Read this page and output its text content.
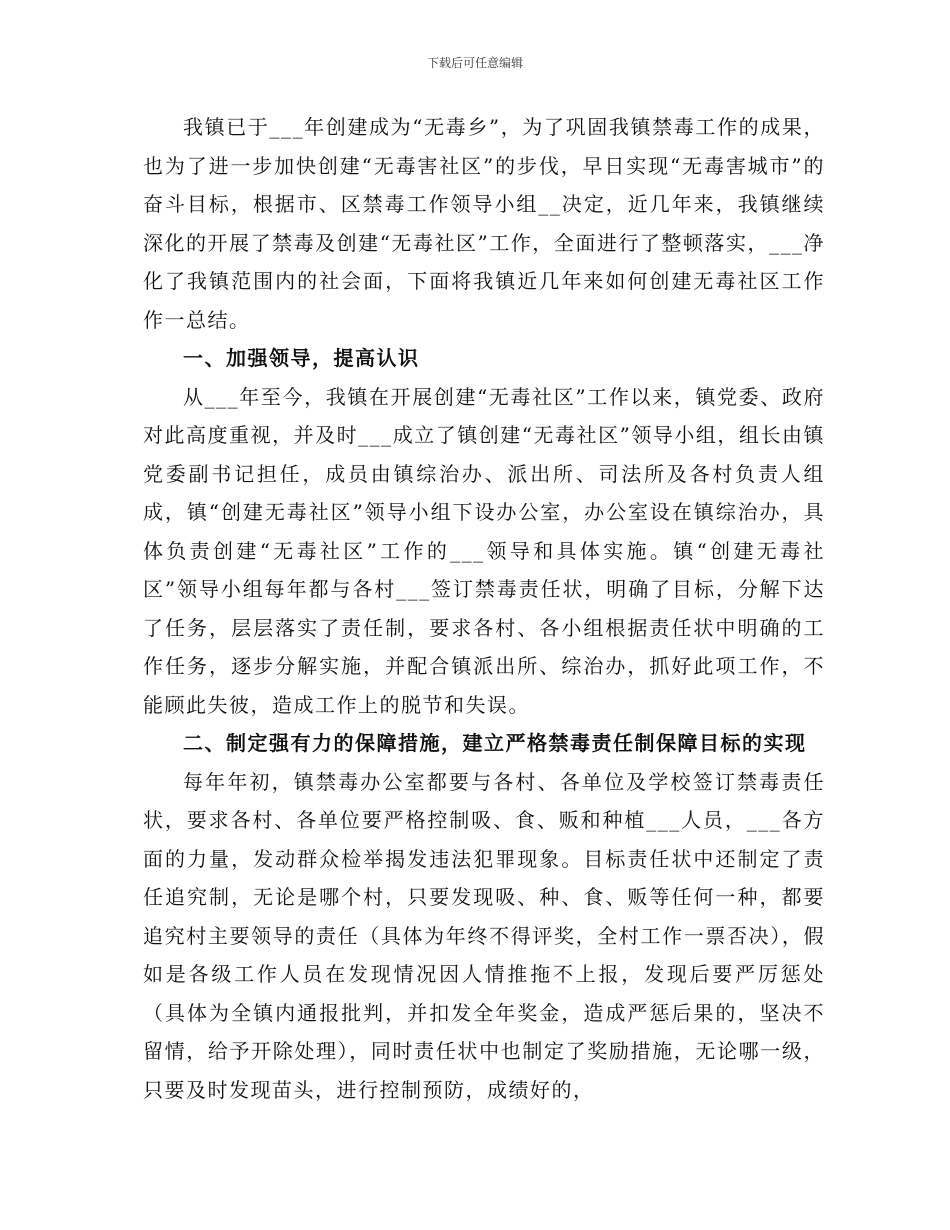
下载后可任意编辑

我镇已于___年创建成为“无毒乡”，为了巩固我镇禁毒工作的成果，也为了进一步加快创建“无毒害社区”的步伐，早日实现“无毒害城市”的奋斗目标，根据市、区禁毒工作领导小组__决定，近几年来，我镇继续深化的开展了禁毒及创建“无毒社区”工作，全面进行了整顿落实，___净化了我镇范围内的社会面，下面将我镇近几年来如何创建无毒社区工作作一总结。

一、加强领导，提高认识

从___年至今，我镇在开展创建“无毒社区”工作以来，镇党委、政府对此高度重视，并及时___成立了镇创建“无毒社区”领导小组，组长由镇党委副书记担任，成员由镇综治办、派出所、司法所及各村负责人组成，镇“创建无毒社区”领导小组下设办公室，办公室设在镇综治办，具体负责创建“无毒社区”工作的___领导和具体实施。镇“创建无毒社区”领导小组每年都与各村___签订禁毒责任状，明确了目标，分解下达了任务，层层落实了责任制，要求各村、各小组根据责任状中明确的工作任务，逐步分解实施，并配合镇派出所、综治办，抓好此项工作，不能顾此失彼，造成工作上的脱节和失误。

二、制定强有力的保障措施，建立严格禁毒责任制保障目标的实现

每年年初，镇禁毒办公室都要与各村、各单位及学校签订禁毒责任状，要求各村、各单位要严格控制吸、食、贩和种植___人员，___各方面的力量，发动群众检举揭发违法犯罪现象。目标责任状中还制定了责任追究制，无论是哪个村，只要发现吸、种、食、贩等任何一种，都要追究村主要领导的责任（具体为年终不得评奖，全村工作一票否决），假如是各级工作人员在发现情况因人情推拖不上报，发现后要严厉惩处（具体为全镇内通报批判，并扣发全年奖金，造成严惩后果的，坚决不留情，给予开除处理），同时责任状中也制定了奖励措施，无论哪一级，只要及时发现苗头，进行控制预防，成绩好的，
